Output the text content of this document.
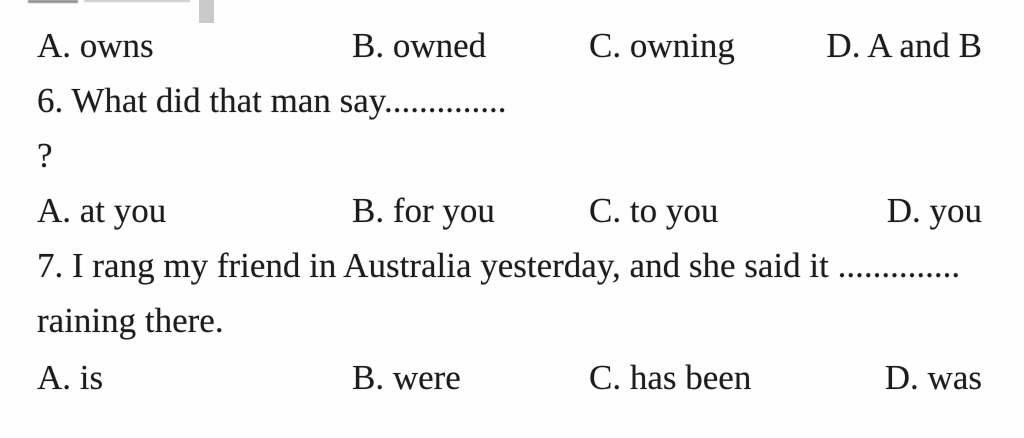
A. owns	B. owned	C. owning	D. A and B
6. What did that man say..............
?
A. at you	B. for you	C. to you	D. you
7. I rang my friend in Australia yesterday, and she said it ..............
raining there.
A. is	B. were	C. has been	D. was
